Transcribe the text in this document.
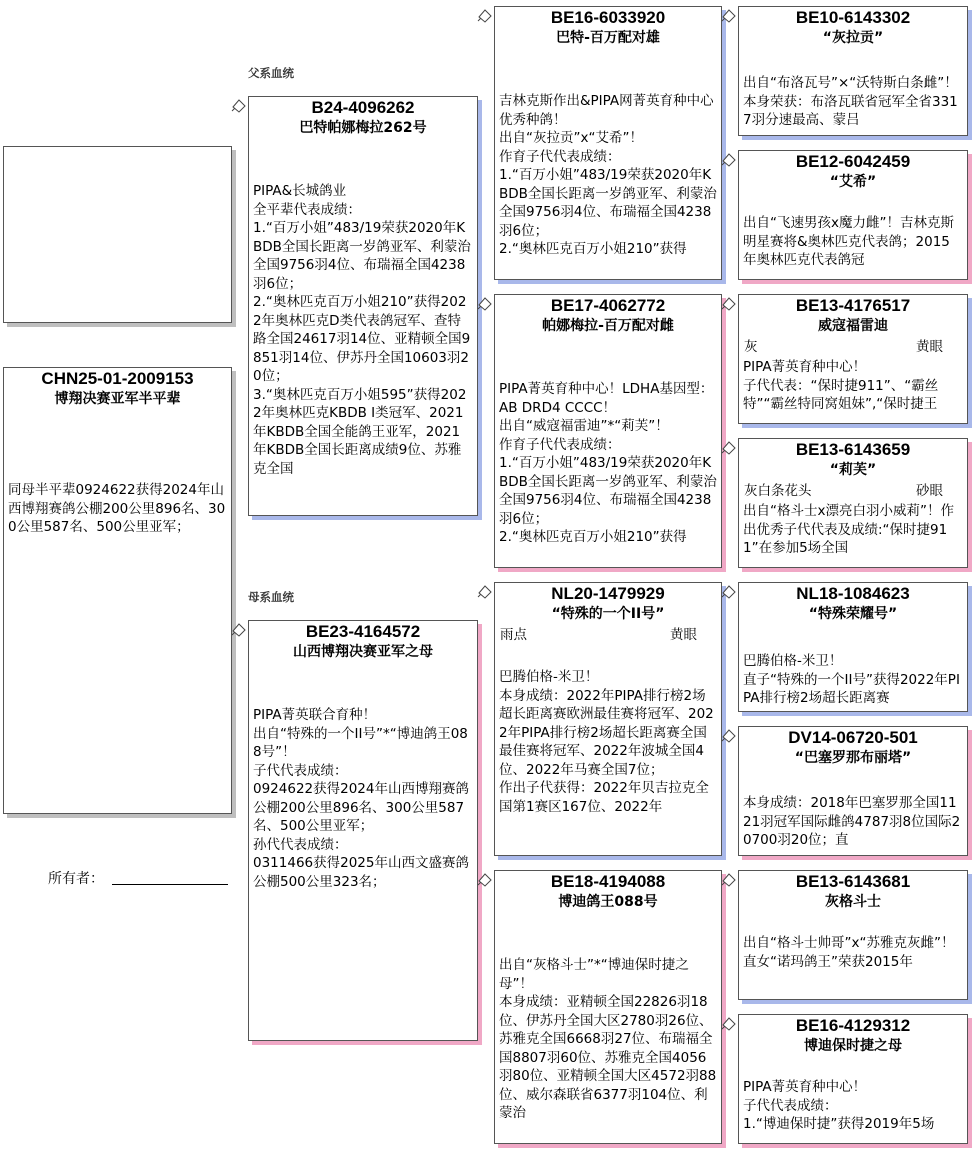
父系血统
母系血统
CHN25-01-2009153
博翔决赛亚军半平辈
同母半平辈0924622获得2024年山西博翔赛鸽公棚200公里896名、300公里587名、500公里亚军；
所有者：
B24-4096262
巴特帕娜梅拉262号
PIPA&长城鸽业
全平辈代表成绩：
1.“百万小姐”483/19荣获2020年KBDB全国长距离一岁鸽亚军、利蒙治全国9756羽4位、布瑞福全国4238羽6位；
2.“奥林匹克百万小姐210”获得2022年奥林匹克D类代表鸽冠军、查特路全国24617羽14位、亚精顿全国9851羽14位、伊苏丹全国10603羽20位；
3.“奥林匹克百万小姐595”获得2022年奥林匹克KBDB I类冠军、2021年KBDB全国全能鸽王亚军，2021年KBDB全国长距离成绩9位、苏雅克全国
BE23-4164572
山西博翔决赛亚军之母
PIPA菁英联合育种！
出自“特殊的一个II号”*“博迪鸽王088号”！
子代代表成绩：
0924622获得2024年山西博翔赛鸽公棚200公里896名、300公里587名、500公里亚军；
孙代代表成绩：
0311466获得2025年山西文盛赛鸽公棚500公里323名；
BE16-6033920
巴特-百万配对雄
吉林克斯作出&PIPA网菁英育种中心优秀种鸽！
出自“灰拉贡”x“艾希”！
作育子代代表成绩：
1.“百万小姐”483/19荣获2020年KBDB全国长距离一岁鸽亚军、利蒙治全国9756羽4位、布瑞福全国4238羽6位；
2.“奥林匹克百万小姐210”获得
BE17-4062772
帕娜梅拉-百万配对雌
PIPA菁英育种中心！LDHA基因型：AB DRD4 CCCC！
出自“威寇福雷迪”*“莉芙”！
作育子代代表成绩：
1.“百万小姐”483/19荣获2020年KBDB全国长距离一岁鸽亚军、利蒙治全国9756羽4位、布瑞福全国4238羽6位；
2.“奥林匹克百万小姐210”获得
NL20-1479929
“特殊的一个II号”
雨点	黄眼
巴腾伯格-米卫！
本身成绩：2022年PIPA排行榜2场超长距离赛欧洲最佳赛将冠军、2022年PIPA排行榜2场超长距离赛全国最佳赛将冠军、2022年波城全国4位、2022年马赛全国7位；
作出子代获得：2022年贝吉拉克全国第1赛区167位、2022年
BE18-4194088
博迪鸽王088号
出自“灰格斗士”*“博迪保时捷之母”！
本身成绩：亚精顿全国22826羽18位、伊苏丹全国大区2780羽26位、苏雅克全国6668羽27位、布瑞福全国8807羽60位、苏雅克全国4056羽80位、亚精顿全国大区4572羽88位、威尔森联省6377羽104位、利蒙治
BE10-6143302
“灰拉贡”
出自“布洛瓦号”×“沃特斯白条雌”！本身荣获：布洛瓦联省冠军全省3317羽分速最高、蒙吕
BE12-6042459
“艾希”
出自“飞速男孩x魔力雌”！吉林克斯明星赛将&奥林匹克代表鸽；2015年奥林匹克代表鸽冠
BE13-4176517
威寇福雷迪
灰	黄眼
PIPA菁英育种中心！
子代代表：“保时捷911”、“霸丝特”“霸丝特同窝姐妹”,“保时捷王
BE13-6143659
“莉芙”
灰白条花头	砂眼
出自“格斗士x漂亮白羽小威莉”！作出优秀子代代表及成绩:“保时捷911”在参加5场全国
NL18-1084623
“特殊荣耀号”
巴腾伯格-米卫！
直子“特殊的一个II号”获得2022年PIPA排行榜2场超长距离赛
DV14-06720-501
“巴塞罗那布丽塔”
本身成绩：2018年巴塞罗那全国1121羽冠军国际雌鸽4787羽8位国际20700羽20位；直
BE13-6143681
灰格斗士
出自“格斗士帅哥”x“苏雅克灰雌”！
直女“诺玛鸽王”荣获2015年
BE16-4129312
博迪保时捷之母
PIPA菁英育种中心！
子代代表成绩：
1.“博迪保时捷”获得2019年5场
